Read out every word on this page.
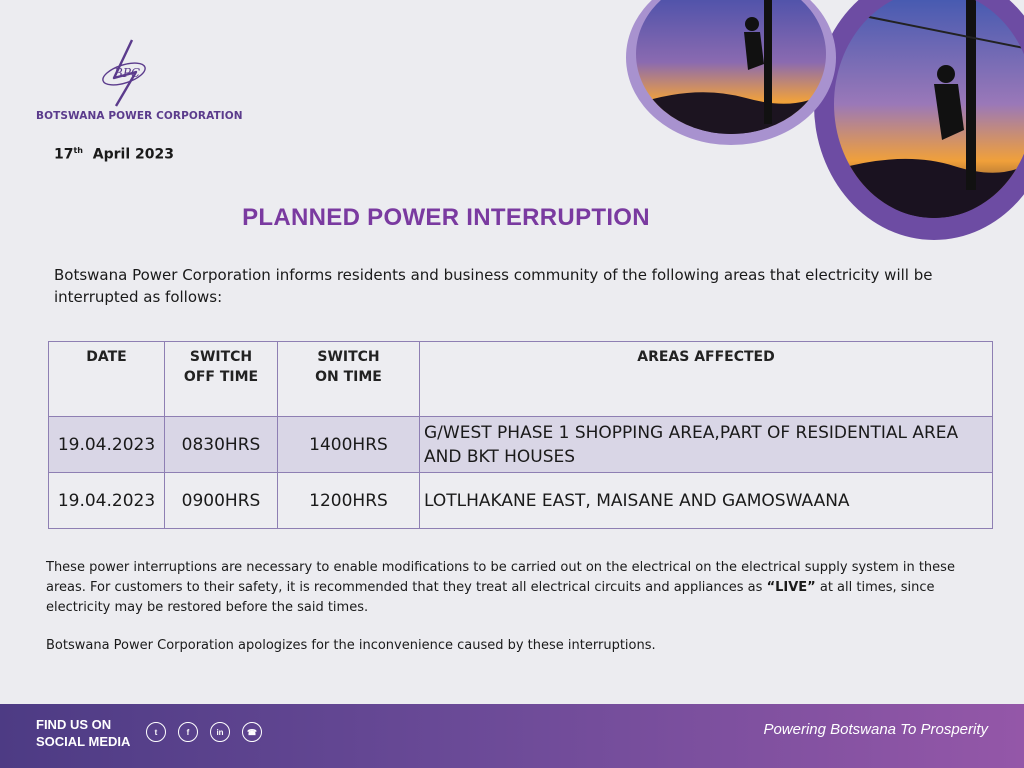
BPC
BOTSWANA POWER CORPORATION
17th April 2023
PLANNED POWER INTERRUPTION
Botswana Power Corporation informs residents and business community of the following areas that electricity will be interrupted as follows:
DATE	SWITCH OFF TIME	SWITCH ON TIME	AREAS AFFECTED
19.04.2023	0830HRS	1400HRS	G/WEST PHASE 1 SHOPPING AREA,PART OF RESIDENTIAL AREA AND BKT HOUSES
19.04.2023	0900HRS	1200HRS	LOTLHAKANE EAST, MAISANE AND GAMOSWAANA
These power interruptions are necessary to enable modifications to be carried out on the electrical on the electrical supply system in these areas. For customers to their safety, it is recommended that they treat all electrical circuits and appliances as “LIVE” at all times, since electricity may be restored before the said times.
Botswana Power Corporation apologizes for the inconvenience caused by these interruptions.
FIND US ON
SOCIAL MEDIA
t	f	in	☎	Powering Botswana To Prosperity
